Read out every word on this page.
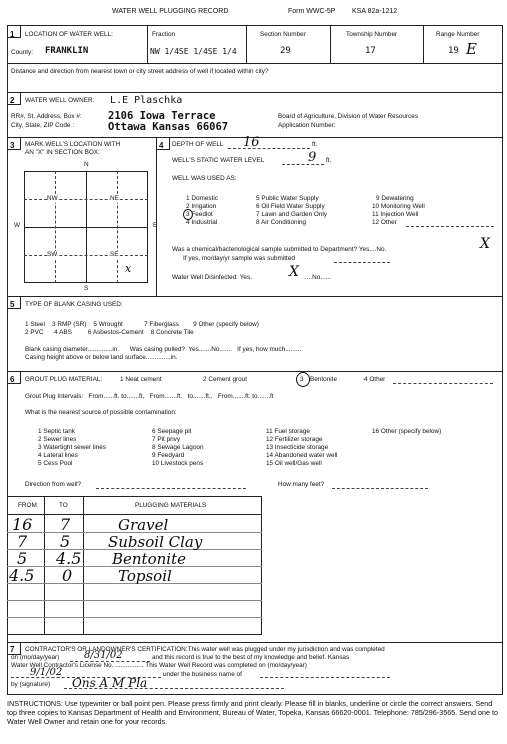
WATER WELL PLUGGING RECORD	Form WWC-5P KSA 82a-1212
1 LOCATION OF WATER WELL:
County: FRANKLIN
Fraction
NW 1/4SE 1/4SE 1/4
Section Number
29
Township Number
17
Range Number
19 E
Distance and direction from nearest town or city street address of well if located within city?
2 WATER WELL OWNER: L.E Plaschka
RR#, St. Address, Box #:	2106 Iowa Terrace
City, State, ZIP Code :	Ottawa Kansas 66067
Board of Agriculture, Division of Water Resources
Application Number:
3 MARK WELL'S LOCATION WITH
AN "X" IN SECTION BOX:
N
W	E
S
NW	NE
SW	SE
x
4 DEPTH OF WELL 16	ft.
WELL'S STATIC WATER LEVEL	9 ft.
WELL WAS USED AS:
1 Domestic	5 Public Water Supply	9 Dewatering
2 Irrigation	6 Oil Field Water Supply	10 Monitoring Well
3 Feedlot	7 Lawn and Garden Only	11 Injection Well
4 Industrial	8 Air Conditioning	12 Other
Was a chemical/bacteriological sample submitted to Department? Yes....No.	X
If yes, mo/day/yr sample was submitted
Water Well Disinfected: Yes.	X ....No......
5 TYPE OF BLANK CASING USED:
1 Steel    3 RMP (SR)    5 Wrought            7 Fiberglass        9 Other (specify below)
2 PVC      4 ABS         6 Asbestos-Cement    8 Concrete Tile
Blank casing diameter..............in.      Was casing pulled?  Yes.......No.......   If yes, how much.........
Casing height above or below land surface..............in.
6 GROUT PLUG MATERIAL:	1 Neat cement	2 Cement grout	3 Bentonite	4 Other
Grout Plug Intervals:   From......ft. to.......ft,   From.......ft.   to.......ft.,   From.......ft. to.......ft
What is the nearest source of possible contamination:
1 Septic tank	6 Seepage pit	11 Fuel storage	16 Other (specify below)
2 Sewer lines	7 Pit privy	12 Fertilizer storage
3 Watertight sewer lines	8 Sewage Lagoon	13 Insecticide storage
4 Lateral lines	9 Feedyard	14 Abandoned water well
5 Cess Pool	10 Livestock pens	15 Oil well/Gas well
Direction from well?	How many feet?
FROM	TO	PLUGGING MATERIALS
16 7	Gravel
7 5	Subsoil Clay
5 4.5 Bentonite
4.5 0	Topsoil
7 CONTRACTOR'S OR LANDOWNER'S CERTIFICATION:This water well was plugged under my jurisdiction and was completed
on (mo/day/year) 8/31/02	and this record is true to the best of my knowledge and belief. Kansas
Water Well Contractor's License No. ................ This Water Well Record was completed on (mo/day/year)
9/1/02	under the business name of
by (signature) Ons A M Pla
INSTRUCTIONS: Use typewriter or ball point pen. Please press firmly and print clearly. Please fill in blanks, underline or circle the correct answers. Send top three copies to Kansas Department of Health and Environment, Bureau of Water, Topeka, Kansas 66620-0001. Telephone: 785/296-3565. Send one to Water Well Owner and retain one for your records.
